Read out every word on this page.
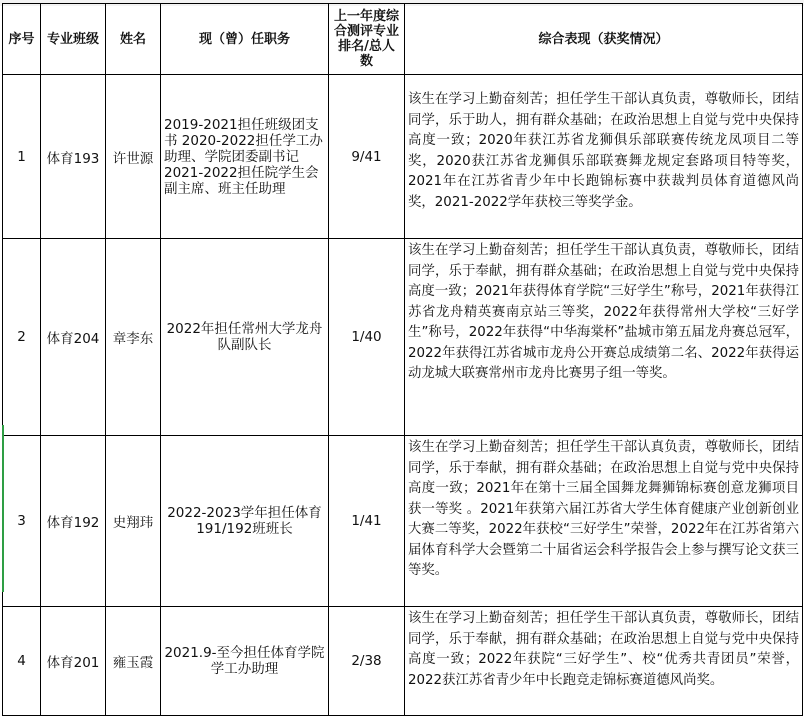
序号	专业班级	姓名	现（曾）任职务	上一年度综合测评专业排名/总人数	综合表现（获奖情况）
1	体育193	许世源	2019-2021担任班级团支书 2020-2022担任学工办助理、学院团委副书记 2021-2022担任院学生会副主席、班主任助理	9/41	该生在学习上勤奋刻苦；担任学生干部认真负责，尊敬师长，团结同学，乐于助人，拥有群众基础；在政治思想上自觉与党中央保持高度一致；2020年获江苏省龙狮俱乐部联赛传统龙凤项目二等奖，2020获江苏省龙狮俱乐部联赛舞龙规定套路项目特等奖，2021年在江苏省青少年中长跑锦标赛中获裁判员体育道德风尚奖，2021-2022学年获校三等奖学金。
2	体育204	章李东	2022年担任常州大学龙舟队副队长	1/40	该生在学习上勤奋刻苦；担任学生干部认真负责，尊敬师长，团结同学，乐于奉献，拥有群众基础；在政治思想上自觉与党中央保持高度一致；2021年获得体育学院“三好学生”称号，2021年获得江苏省龙舟精英赛南京站三等奖，2022年获得常州大学校“三好学生”称号，2022年获得“中华海棠杯”盐城市第五届龙舟赛总冠军，2022年获得江苏省城市龙舟公开赛总成绩第二名、2022年获得运动龙城大联赛常州市龙舟比赛男子组一等奖。
3	体育192	史翔玮	2022-2023学年担任体育191/192班班长	1/41	该生在学习上勤奋刻苦；担任学生干部认真负责，尊敬师长，团结同学，乐于奉献，拥有群众基础；在政治思想上自觉与党中央保持高度一致；2021年在第十三届全国舞龙舞狮锦标赛创意龙狮项目获一等奖 。2021年获第六届江苏省大学生体育健康产业创新创业大赛二等奖，2022年获校“三好学生”荣誉，2022年在江苏省第六届体育科学大会暨第二十届省运会科学报告会上参与撰写论文获三等奖。
4	体育201	雍玉霞	2021.9-至今担任体育学院学工办助理	2/38	该生在学习上勤奋刻苦；担任学生干部认真负责，尊敬师长，团结同学，乐于奉献，拥有群众基础；在政治思想上自觉与党中央保持高度一致；2022年获院“三好学生”、校“优秀共青团员”荣誉，2022获江苏省青少年中长跑竞走锦标赛道德风尚奖。
